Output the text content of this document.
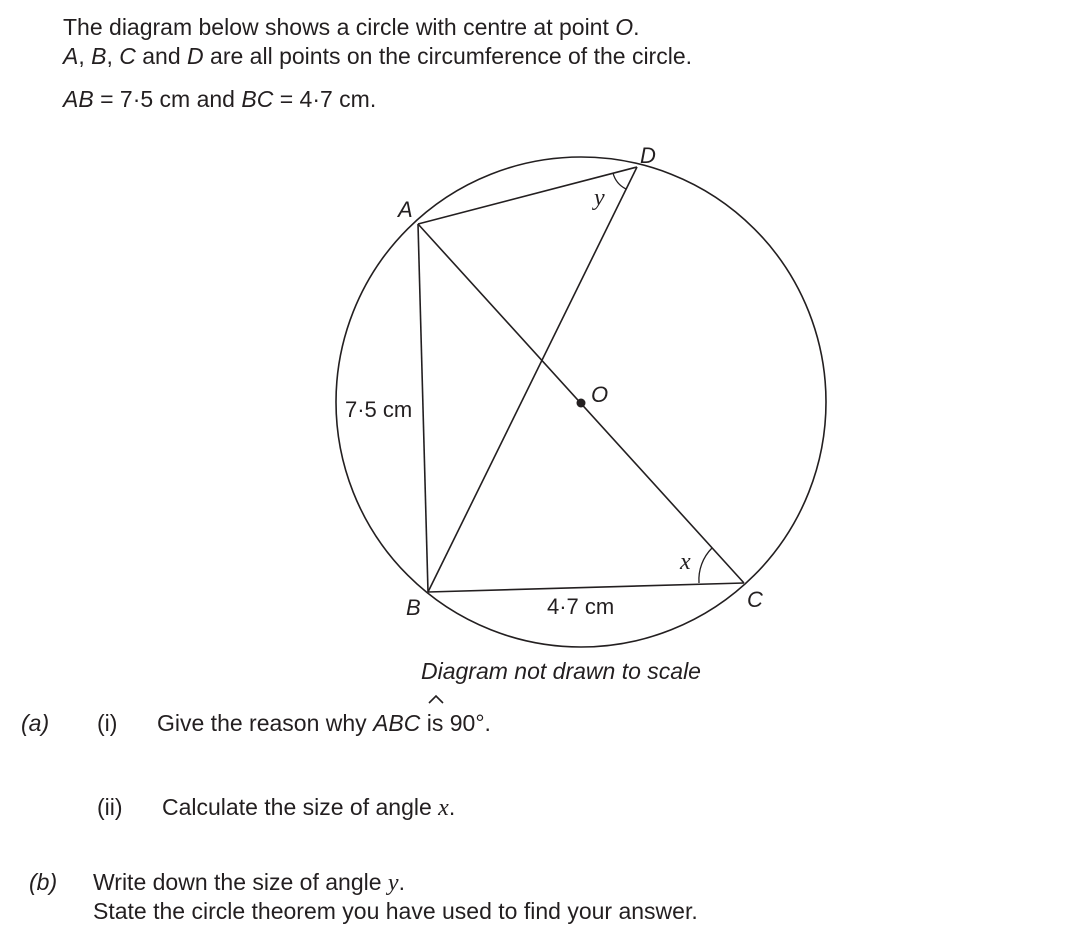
The diagram below shows a circle with centre at point O.
A, B, C and D are all points on the circumference of the circle.
AB = 7·5 cm and BC = 4·7 cm.
A
B	C
D
O
y
x
7·5 cm
4·7 cm
Diagram not drawn to scale
(a) (i) Give the reason why ABC is 90°.
(ii) Calculate the size of angle x.
(b) Write down the size of angle y.
State the circle theorem you have used to find your answer.
